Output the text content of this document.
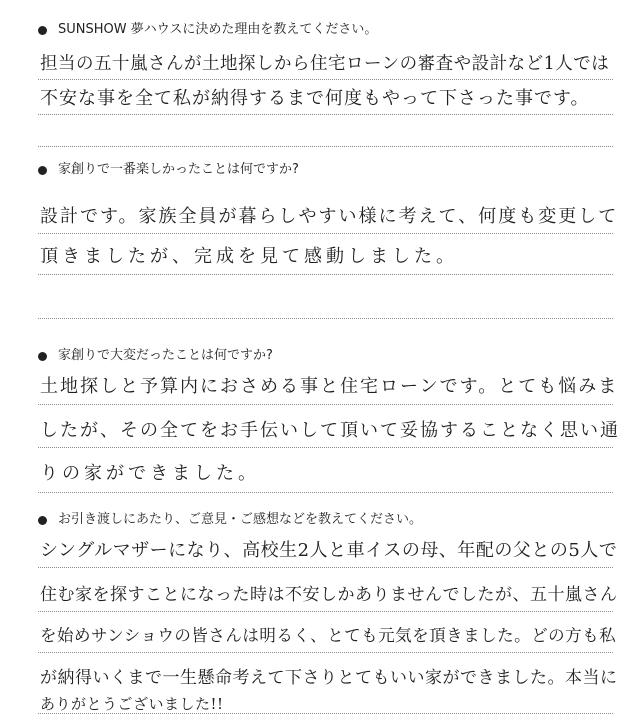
SUNSHOW 夢ハウスに決めた理由を教えてください。
担当の五十嵐さんが土地探しから住宅ローンの審査や設計など1人では
不安な事を全て私が納得するまで何度もやって下さった事です。
家創りで一番楽しかったことは何ですか?
設計です。家族全員が暮らしやすい様に考えて、何度も変更して
頂きましたが、完成を見て感動しました。
家創りで大変だったことは何ですか?
土地探しと予算内におさめる事と住宅ローンです。とても悩みま
したが、その全てをお手伝いして頂いて妥協することなく思い通
りの家ができました。
お引き渡しにあたり、ご意見・ご感想などを教えてください。
シングルマザーになり、高校生2人と車イスの母、年配の父との5人で
住む家を探すことになった時は不安しかありませんでしたが、五十嵐さん
を始めサンショウの皆さんは明るく、とても元気を頂きました。どの方も私
が納得いくまで一生懸命考えて下さりとてもいい家ができました。本当に
ありがとうございました!!
